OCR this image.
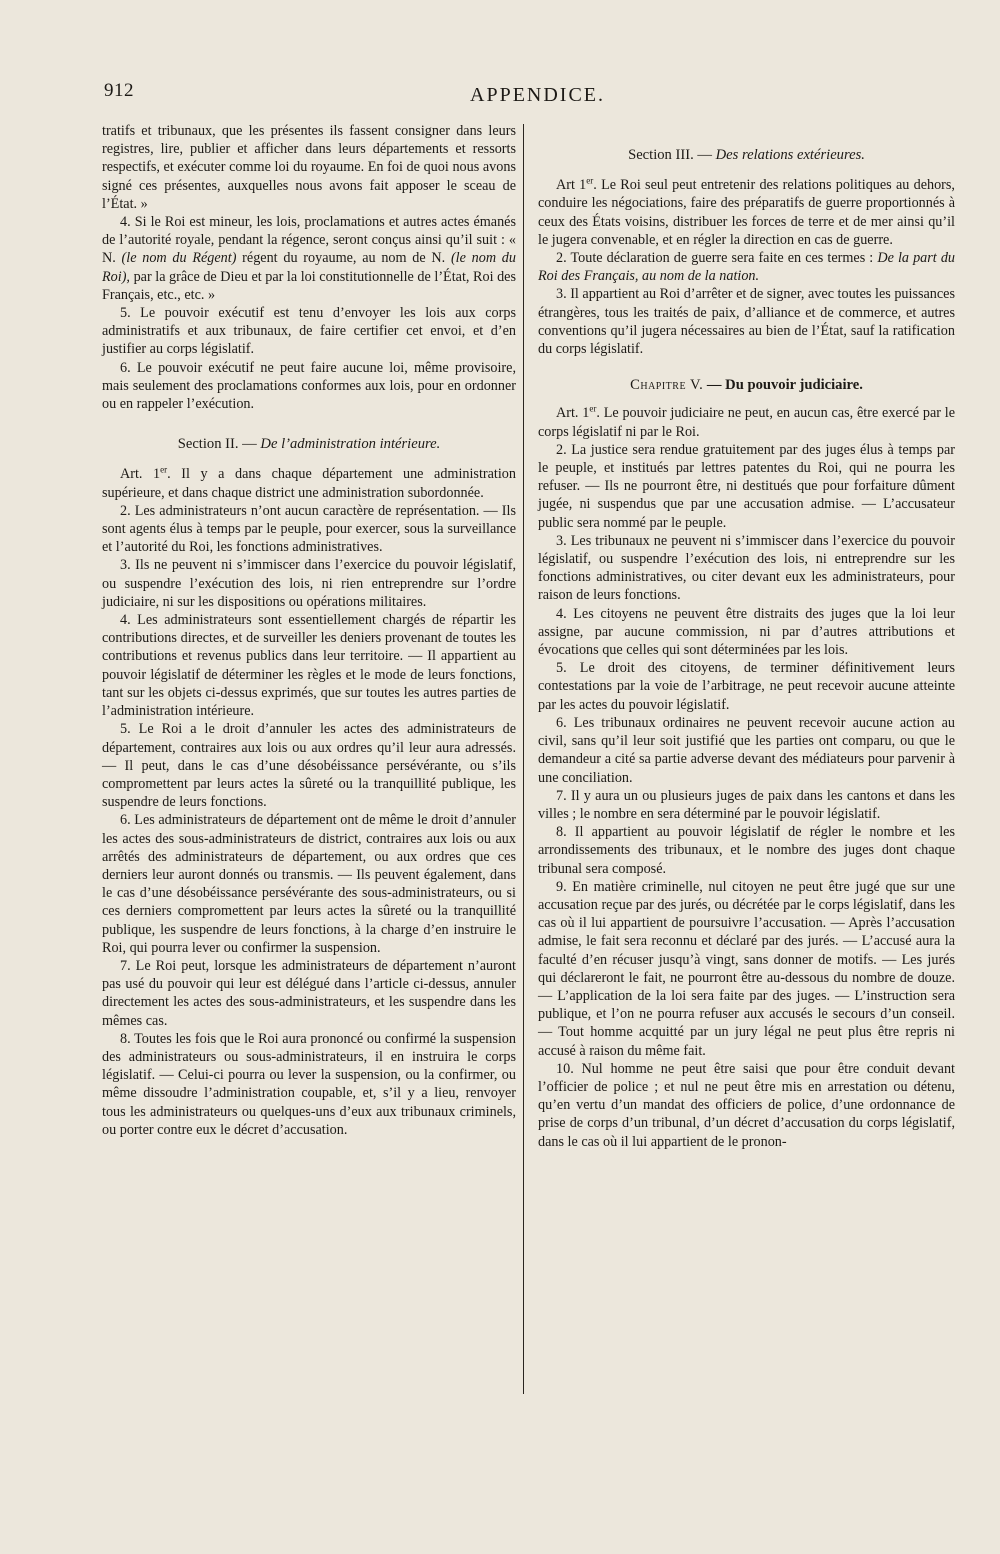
912	APPENDICE.

tratifs et tribunaux, que les présentes ils fassent consigner dans leurs registres, lire, publier et afficher dans leurs départements et ressorts respectifs, et exécuter comme loi du royaume. En foi de quoi nous avons signé ces présentes, auxquelles nous avons fait apposer le sceau de l’État. »

4. Si le Roi est mineur, les lois, proclamations et autres actes émanés de l’autorité royale, pendant la régence, seront conçus ainsi qu’il suit : « N. (le nom du Régent) régent du royaume, au nom de N. (le nom du Roi), par la grâce de Dieu et par la loi constitutionnelle de l’État, Roi des Français, etc., etc. »

5. Le pouvoir exécutif est tenu d’envoyer les lois aux corps administratifs et aux tribunaux, de faire certifier cet envoi, et d’en justifier au corps législatif.

6. Le pouvoir exécutif ne peut faire aucune loi, même provisoire, mais seulement des proclamations conformes aux lois, pour en ordonner ou en rappeler l’exécution.

Section II. — De l’administration intérieure.

Art. 1er. Il y a dans chaque département une administration supérieure, et dans chaque district une administration subordonnée.

2. Les administrateurs n’ont aucun caractère de représentation. — Ils sont agents élus à temps par le peuple, pour exercer, sous la surveillance et l’autorité du Roi, les fonctions administratives.

3. Ils ne peuvent ni s’immiscer dans l’exercice du pouvoir législatif, ou suspendre l’exécution des lois, ni rien entreprendre sur l’ordre judiciaire, ni sur les dispositions ou opérations militaires.

4. Les administrateurs sont essentiellement chargés de répartir les contributions directes, et de surveiller les deniers provenant de toutes les contributions et revenus publics dans leur territoire. — Il appartient au pouvoir législatif de déterminer les règles et le mode de leurs fonctions, tant sur les objets ci-dessus exprimés, que sur toutes les autres parties de l’administration intérieure.

5. Le Roi a le droit d’annuler les actes des administrateurs de département, contraires aux lois ou aux ordres qu’il leur aura adressés. — Il peut, dans le cas d’une désobéissance persévérante, ou s’ils compromettent par leurs actes la sûreté ou la tranquillité publique, les suspendre de leurs fonctions.

6. Les administrateurs de département ont de même le droit d’annuler les actes des sous-administrateurs de district, contraires aux lois ou aux arrêtés des administrateurs de département, ou aux ordres que ces derniers leur auront donnés ou transmis. — Ils peuvent également, dans le cas d’une désobéissance persévérante des sous-administrateurs, ou si ces derniers compromettent par leurs actes la sûreté ou la tranquillité publique, les suspendre de leurs fonctions, à la charge d’en instruire le Roi, qui pourra lever ou confirmer la suspension.

7. Le Roi peut, lorsque les administrateurs de département n’auront pas usé du pouvoir qui leur est délégué dans l’article ci-dessus, annuler directement les actes des sous-administrateurs, et les suspendre dans les mêmes cas.

8. Toutes les fois que le Roi aura prononcé ou confirmé la suspension des administrateurs ou sous-administrateurs, il en instruira le corps législatif. — Celui-ci pourra ou lever la suspension, ou la confirmer, ou même dissoudre l’administration coupable, et, s’il y a lieu, renvoyer tous les administrateurs ou quelques-uns d’eux aux tribunaux criminels, ou porter contre eux le décret d’accusation.

Section III. — Des relations extérieures.

Art 1er. Le Roi seul peut entretenir des relations politiques au dehors, conduire les négociations, faire des préparatifs de guerre proportionnés à ceux des États voisins, distribuer les forces de terre et de mer ainsi qu’il le jugera convenable, et en régler la direction en cas de guerre.

2. Toute déclaration de guerre sera faite en ces termes : De la part du Roi des Français, au nom de la nation.

3. Il appartient au Roi d’arrêter et de signer, avec toutes les puissances étrangères, tous les traités de paix, d’alliance et de commerce, et autres conventions qu’il jugera nécessaires au bien de l’État, sauf la ratification du corps législatif.

Chapitre V. — Du pouvoir judiciaire.

Art. 1er. Le pouvoir judiciaire ne peut, en aucun cas, être exercé par le corps législatif ni par le Roi.

2. La justice sera rendue gratuitement par des juges élus à temps par le peuple, et institués par lettres patentes du Roi, qui ne pourra les refuser. — Ils ne pourront être, ni destitués que pour forfaiture dûment jugée, ni suspendus que par une accusation admise. — L’accusateur public sera nommé par le peuple.

3. Les tribunaux ne peuvent ni s’immiscer dans l’exercice du pouvoir législatif, ou suspendre l’exécution des lois, ni entreprendre sur les fonctions administratives, ou citer devant eux les administrateurs, pour raison de leurs fonctions.

4. Les citoyens ne peuvent être distraits des juges que la loi leur assigne, par aucune commission, ni par d’autres attributions et évocations que celles qui sont déterminées par les lois.

5. Le droit des citoyens, de terminer définitivement leurs contestations par la voie de l’arbitrage, ne peut recevoir aucune atteinte par les actes du pouvoir législatif.

6. Les tribunaux ordinaires ne peuvent recevoir aucune action au civil, sans qu’il leur soit justifié que les parties ont comparu, ou que le demandeur a cité sa partie adverse devant des médiateurs pour parvenir à une conciliation.

7. Il y aura un ou plusieurs juges de paix dans les cantons et dans les villes ; le nombre en sera déterminé par le pouvoir législatif.

8. Il appartient au pouvoir législatif de régler le nombre et les arrondissements des tribunaux, et le nombre des juges dont chaque tribunal sera composé.

9. En matière criminelle, nul citoyen ne peut être jugé que sur une accusation reçue par des jurés, ou décrétée par le corps législatif, dans les cas où il lui appartient de poursuivre l’accusation. — Après l’accusation admise, le fait sera reconnu et déclaré par des jurés. — L’accusé aura la faculté d’en récuser jusqu’à vingt, sans donner de motifs. — Les jurés qui déclareront le fait, ne pourront être au-dessous du nombre de douze. — L’application de la loi sera faite par des juges. — L’instruction sera publique, et l’on ne pourra refuser aux accusés le secours d’un conseil. — Tout homme acquitté par un jury légal ne peut plus être repris ni accusé à raison du même fait.

10. Nul homme ne peut être saisi que pour être conduit devant l’officier de police ; et nul ne peut être mis en arrestation ou détenu, qu’en vertu d’un mandat des officiers de police, d’une ordonnance de prise de corps d’un tribunal, d’un décret d’accusation du corps législatif, dans le cas où il lui appartient de le pronon-
